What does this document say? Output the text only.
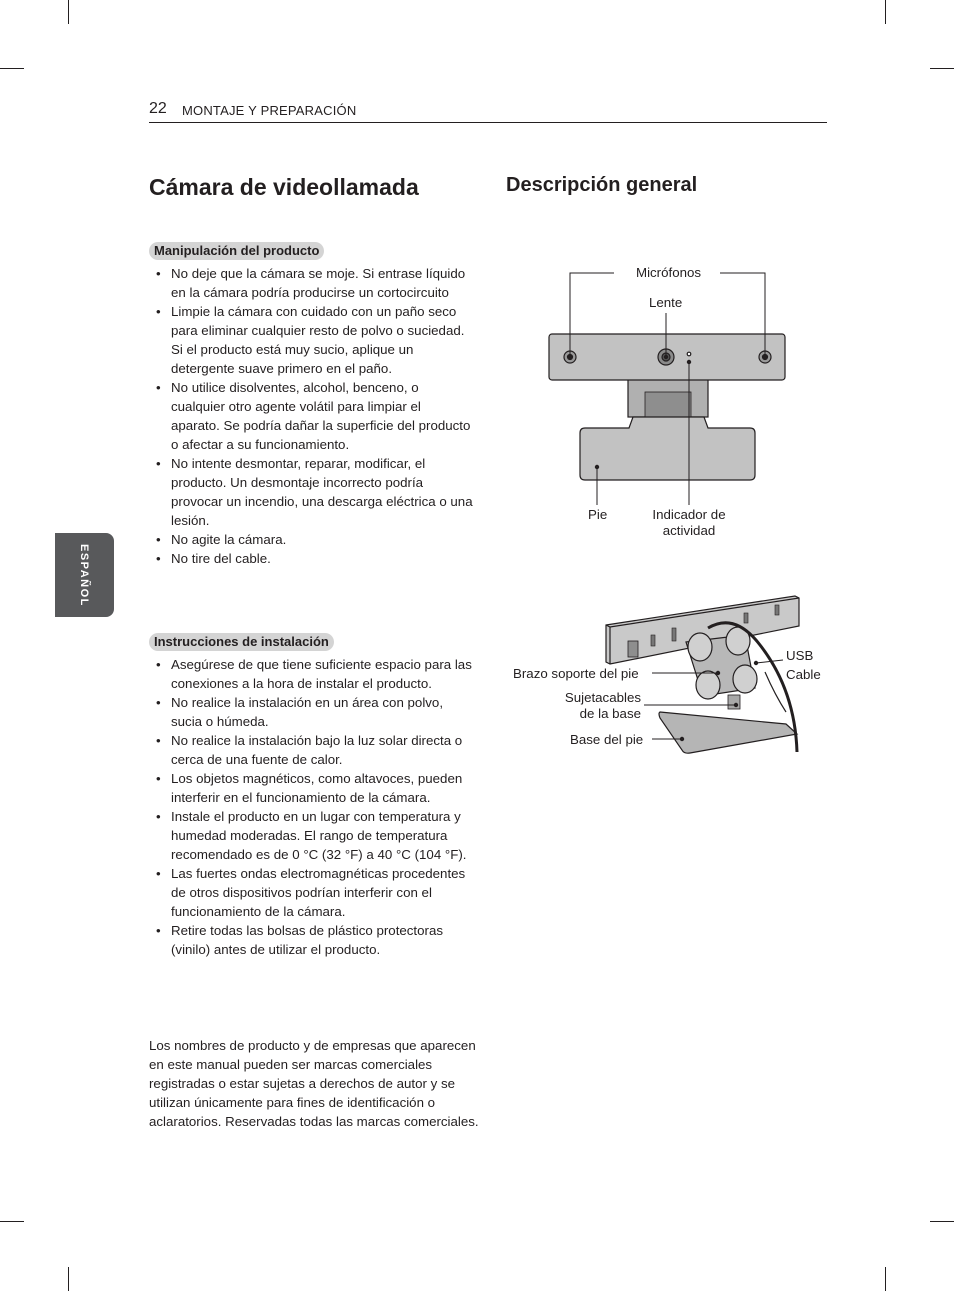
22 MONTAJE Y PREPARACIÓN
ESPAÑOL
Cámara de videollamada	Descripción general
Manipulación del producto
• No deje que la cámara se moje. Si entrase líquido en la cámara podría producirse un cortocircuito
• Limpie la cámara con cuidado con un paño seco para eliminar cualquier resto de polvo o suciedad. Si el producto está muy sucio, aplique un detergente suave primero en el paño.
• No utilice disolventes, alcohol, benceno, o cualquier otro agente volátil para limpiar el aparato. Se podría dañar la superficie del producto o afectar a su funcionamiento.
• No intente desmontar, reparar, modificar, el producto. Un desmontaje incorrecto podría provocar un incendio, una descarga eléctrica o una lesión.
• No agite la cámara.
• No tire del cable.
Instrucciones de instalación
• Asegúrese de que tiene suficiente espacio para las conexiones a la hora de instalar el producto.
• No realice la instalación en un área con polvo, sucia o húmeda.
• No realice la instalación bajo la luz solar directa o cerca de una fuente de calor.
• Los objetos magnéticos, como altavoces, pueden interferir en el funcionamiento de la cámara.
• Instale el producto en un lugar con temperatura y humedad moderadas. El rango de temperatura recomendado es de 0 °C (32 °F) a 40 °C (104 °F).
• Las fuertes ondas electromagnéticas procedentes de otros dispositivos podrían interferir con el funcionamiento de la cámara.
• Retire todas las bolsas de plástico protectoras (vinilo) antes de utilizar el producto.

Los nombres de producto y de empresas que aparecen en este manual pueden ser marcas comerciales registradas o estar sujetas a derechos de autor y se utilizan únicamente para fines de identificación o aclaratorios. Reservadas todas las marcas comerciales.

Micrófonos
Lente
Pie	Indicador de actividad
Brazo soporte del pie
Sujetacables
de la base
Base del pie
USB
Cable
